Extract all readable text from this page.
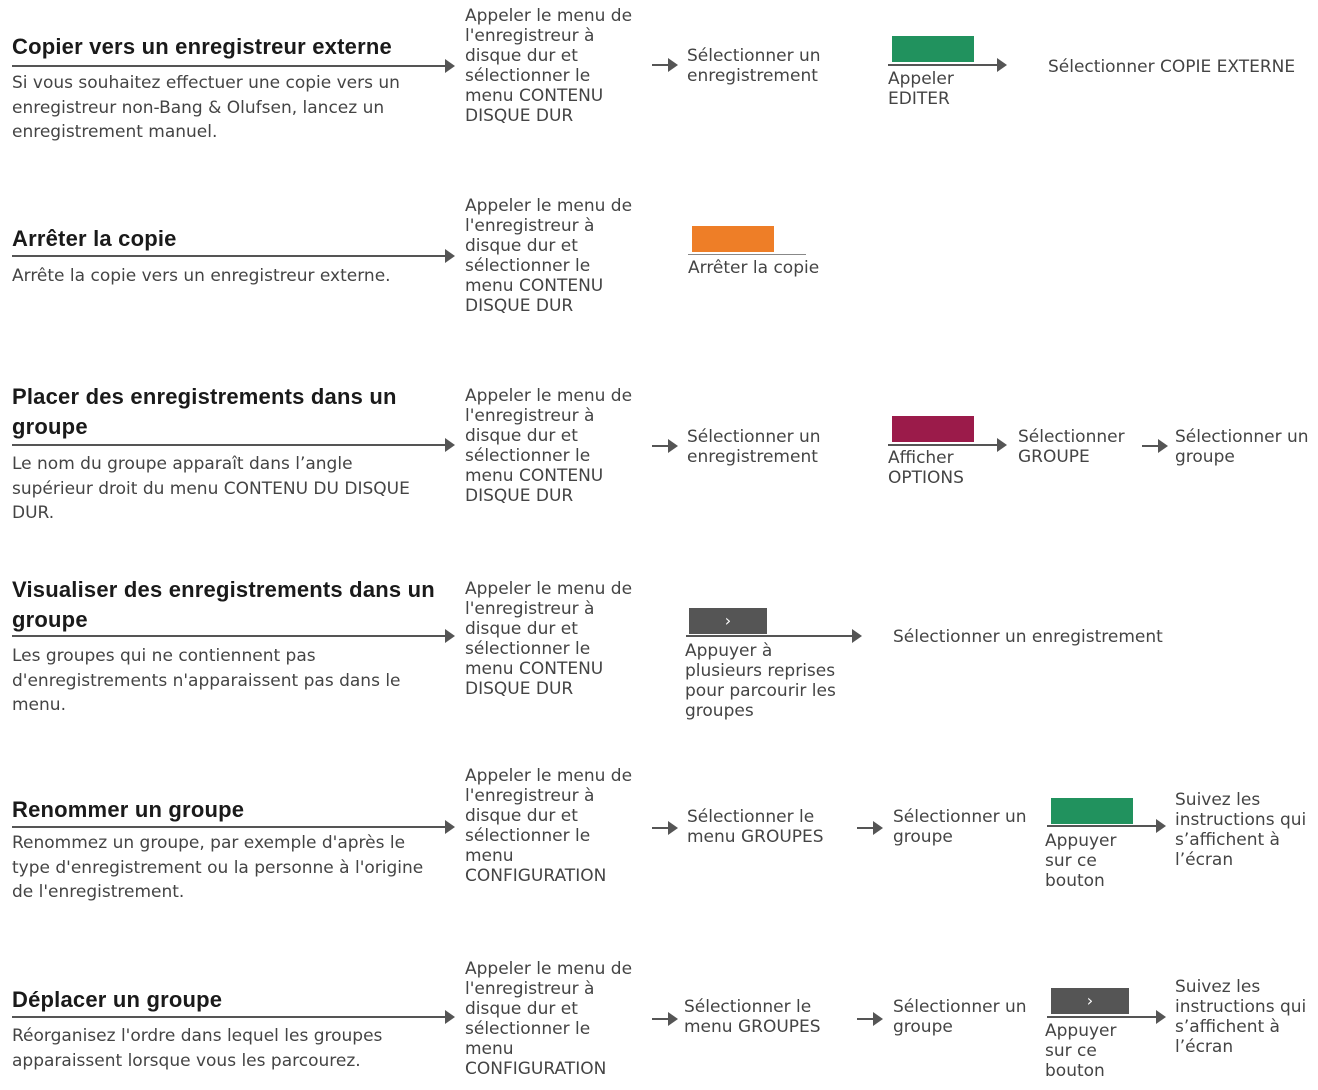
Copier vers un enregistreur externe
Si vous souhaitez effectuer une copie vers un enregistreur non-Bang & Olufsen, lancez un enregistrement manuel.
Appeler le menu de l'enregistreur à disque dur et sélectionner le menu CONTENU DISQUE DUR
Sélectionner un enregistrement	Appeler EDITER
Sélectionner COPIE EXTERNE
Arrêter la copie
Arrête la copie vers un enregistreur externe.
Appeler le menu de l'enregistreur à disque dur et sélectionner le menu CONTENU DISQUE DUR
Arrêter la copie
Placer des enregistrements dans un groupe
Le nom du groupe apparaît dans l’angle supérieur droit du menu CONTENU DU DISQUE DUR.
Appeler le menu de l'enregistreur à disque dur et sélectionner le menu CONTENU DISQUE DUR
Sélectionner un enregistrement	Afficher OPTIONS
Sélectionner GROUPE
Sélectionner un groupe
Visualiser des enregistrements dans un groupe
Les groupes qui ne contiennent pas d'enregistrements n'apparaissent pas dans le menu.
Appeler le menu de l'enregistreur à disque dur et sélectionner le menu CONTENU DISQUE DUR
›
Appuyer à plusieurs reprises pour parcourir les groupes
Sélectionner un enregistrement
Renommer un groupe
Renommez un groupe, par exemple d'après le type d'enregistrement ou la personne à l'origine de l'enregistrement.
Appeler le menu de l'enregistreur à disque dur et sélectionner le menu CONFIGURATION
Sélectionner le menu GROUPES
Sélectionner un groupe	Appuyer sur ce bouton
Suivez les instructions qui s’affichent à l’écran
Déplacer un groupe
Réorganisez l'ordre dans lequel les groupes apparaissent lorsque vous les parcourez.
Appeler le menu de l'enregistreur à disque dur et sélectionner le menu CONFIGURATION
Sélectionner le menu GROUPES
Sélectionner un groupe
›
Appuyer sur ce bouton
Suivez les instructions qui s’affichent à l’écran
